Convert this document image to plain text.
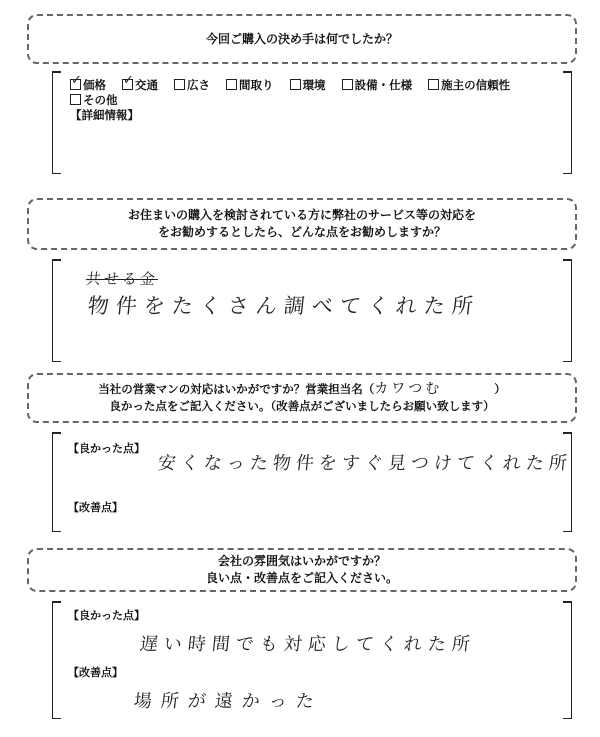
今回ご購入の決め手は何でしたか？
✓価格 ✓	交通	広さ	間取り	環境	設備・仕様	施主の信頼性
その他
【詳細情報】
お住まいの購入を検討されている方に弊社のサービス等の対応を
をお勧めするとしたら、どんな点をお勧めしますか？
共せる金
物件をたくさん調べてくれた所
当社の営業マンの対応はいかがですか？営業担当名（カワつむ	）
良かった点をご記入ください。（改善点がございましたらお願い致します）
【良かった点】
安くなった物件をすぐ見つけてくれた所
【改善点】
会社の雰囲気はいかがですか？
良い点・改善点をご記入ください。
【良かった点】
遅い時間でも対応してくれた所
【改善点】
場所が遠かった
